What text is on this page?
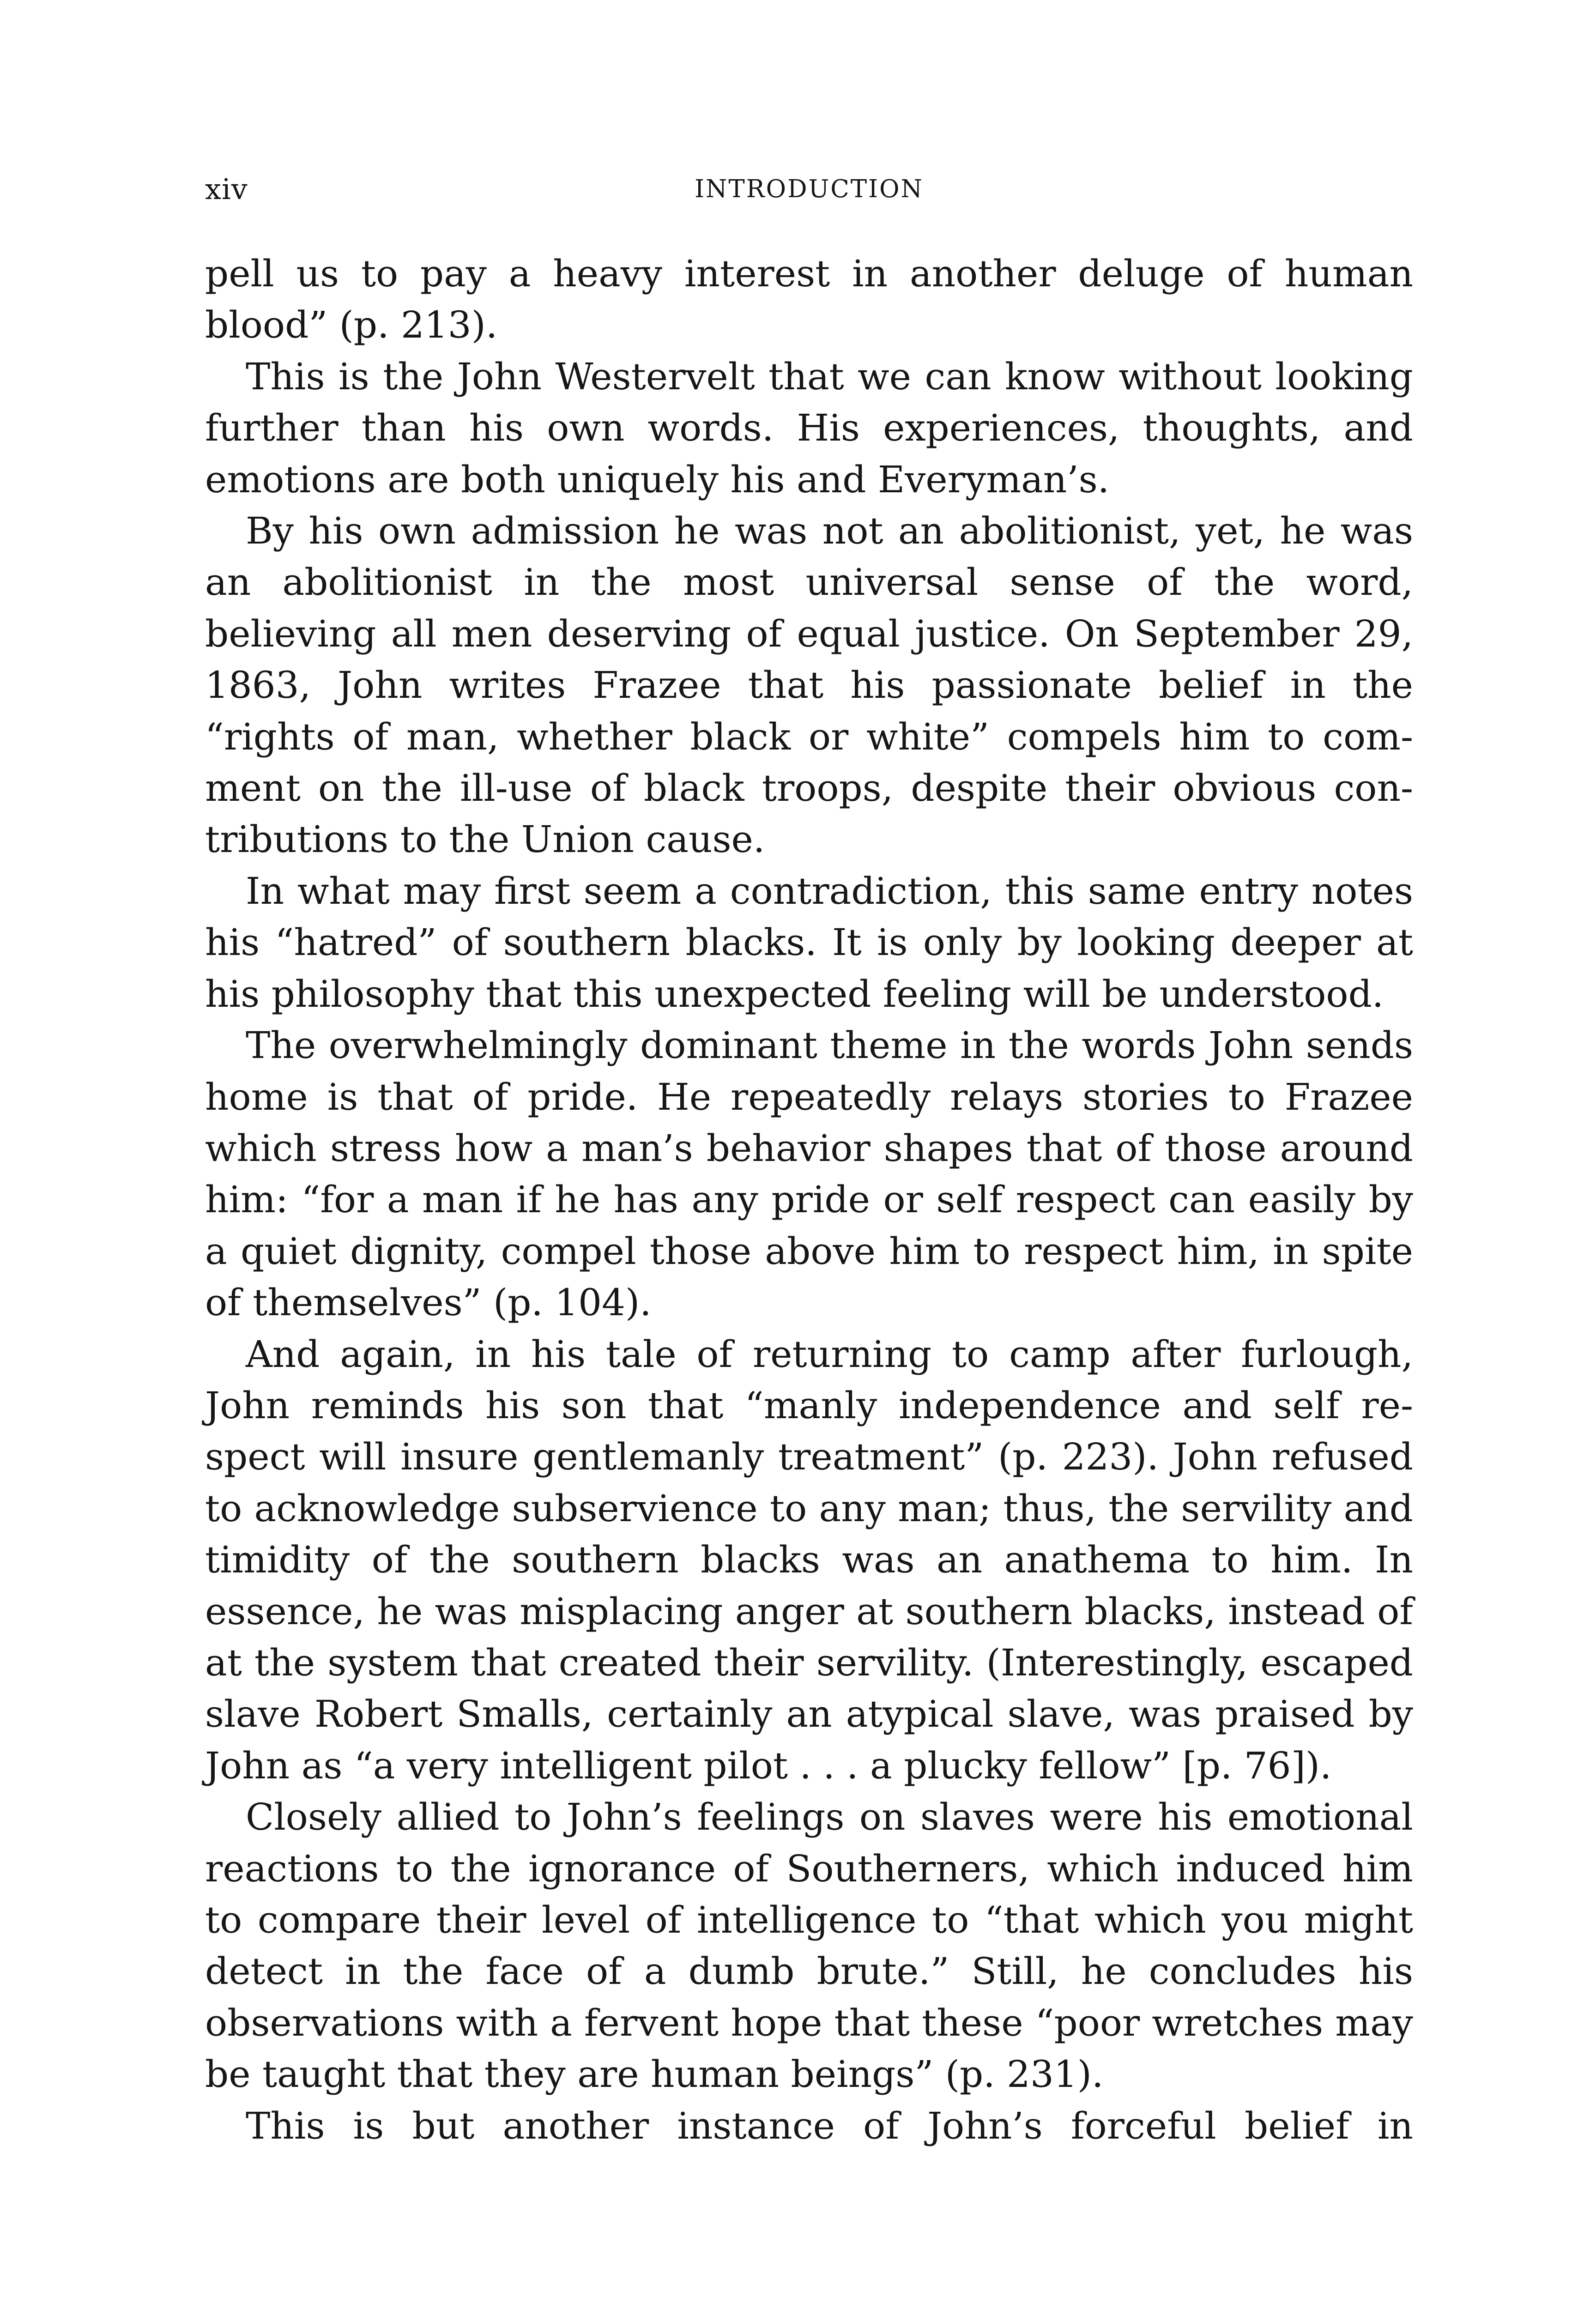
xiv	INTRODUCTION

pell us to pay a heavy interest in another deluge of human blood” (p. 213).

This is the John Westervelt that we can know without looking further than his own words. His experiences, thoughts, and emotions are both uniquely his and Everyman’s.

By his own admission he was not an abolitionist, yet, he was an abolitionist in the most universal sense of the word, believing all men deserving of equal justice. On September 29, 1863, John writes Frazee that his passionate belief in the “rights of man, whether black or white” compels him to comment on the ill-use of black troops, despite their obvious contributions to the Union cause.

In what may first seem a contradiction, this same entry notes his “hatred” of southern blacks. It is only by looking deeper at his philosophy that this unexpected feeling will be understood.

The overwhelmingly dominant theme in the words John sends home is that of pride. He repeatedly relays stories to Frazee which stress how a man’s behavior shapes that of those around him: “for a man if he has any pride or self respect can easily by a quiet dignity, compel those above him to respect him, in spite of themselves” (p. 104).

And again, in his tale of returning to camp after furlough, John reminds his son that “manly independence and self respect will insure gentlemanly treatment” (p. 223). John refused to acknowledge subservience to any man; thus, the servility and timidity of the southern blacks was an anathema to him. In essence, he was misplacing anger at southern blacks, instead of at the system that created their servility. (Interestingly, escaped slave Robert Smalls, certainly an atypical slave, was praised by John as “a very intelligent pilot . . . a plucky fellow” [p. 76]).

Closely allied to John’s feelings on slaves were his emotional reactions to the ignorance of Southerners, which induced him to compare their level of intelligence to “that which you might detect in the face of a dumb brute.” Still, he concludes his observations with a fervent hope that these “poor wretches may be taught that they are human beings” (p. 231).

This is but another instance of John’s forceful belief in
